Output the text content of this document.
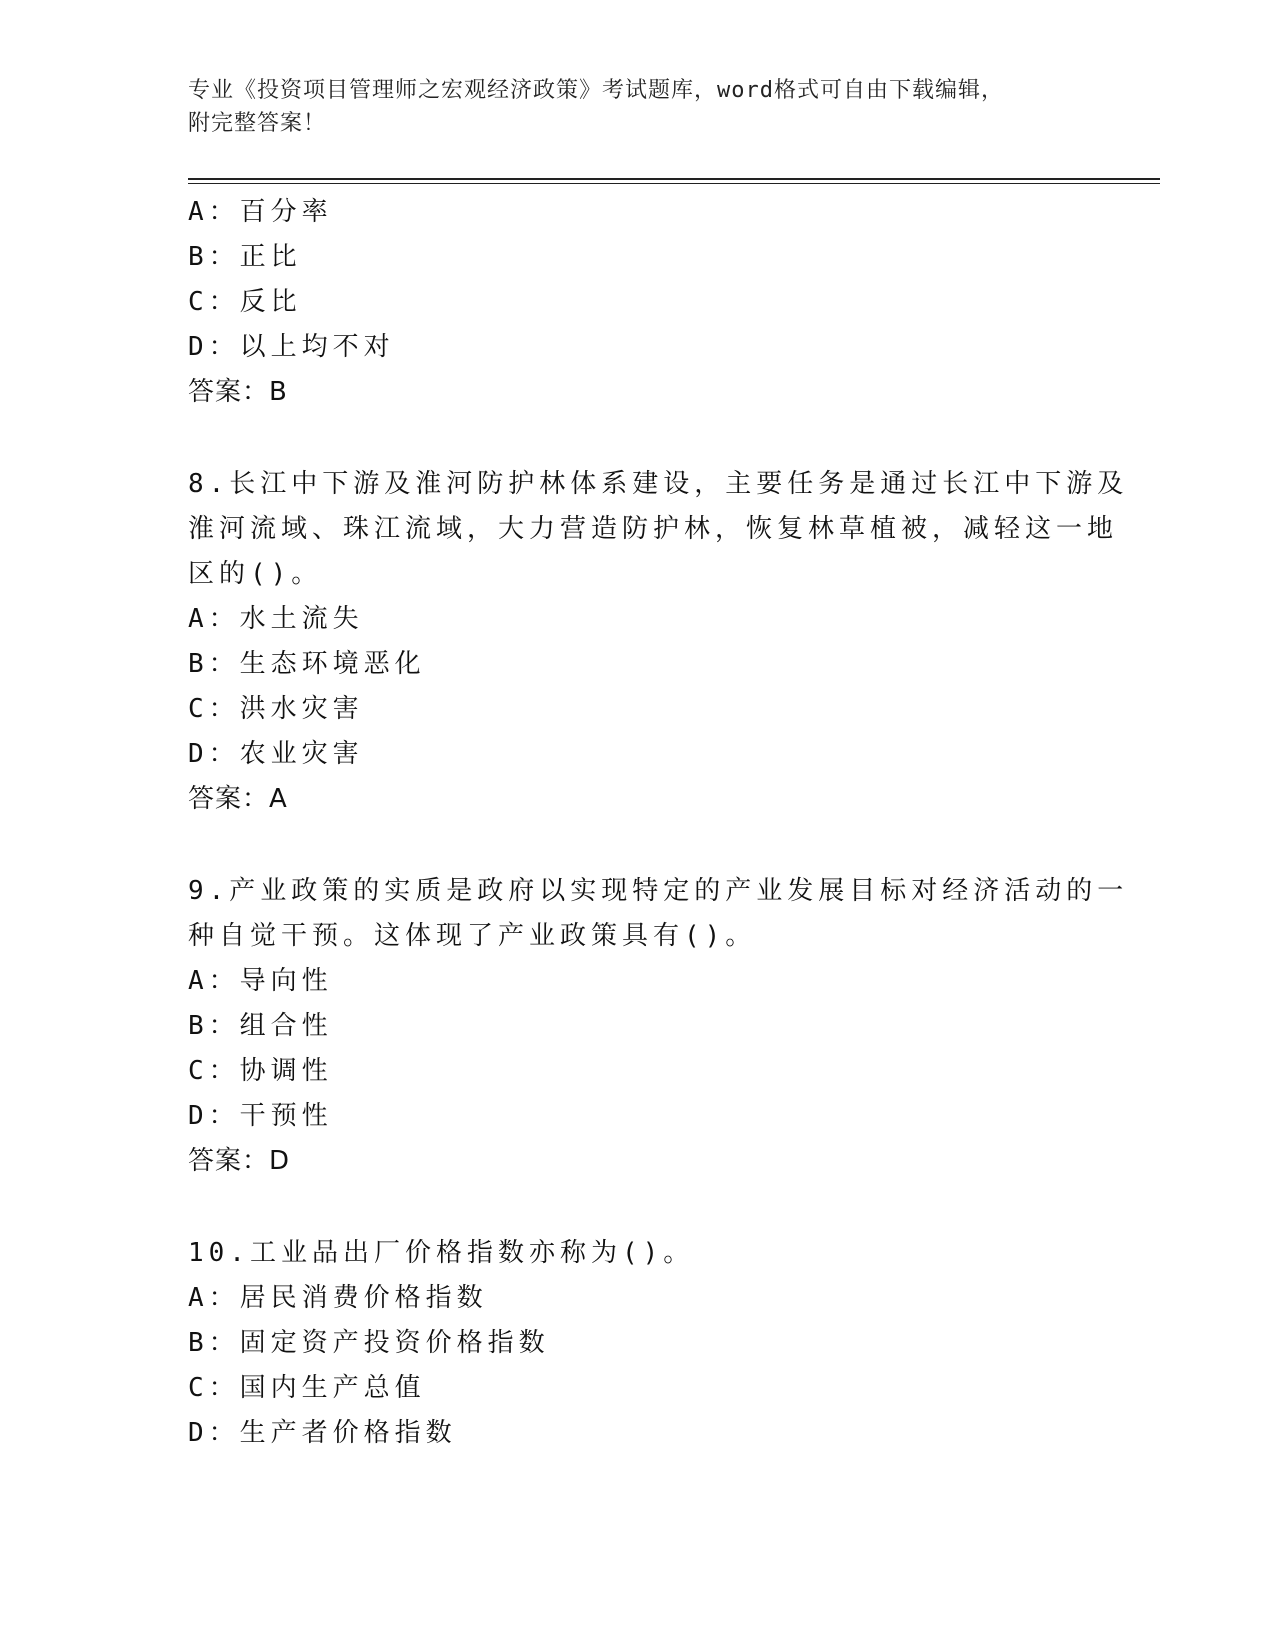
专业《投资项目管理师之宏观经济政策》考试题库，word格式可自由下载编辑，
附完整答案！
A：百分率
B：正比
C：反比
D：以上均不对
答案：B
8.长江中下游及淮河防护林体系建设，主要任务是通过长江中下游及
淮河流域、珠江流域，大力营造防护林，恢复林草植被，减轻这一地
区的()。
A：水土流失
B：生态环境恶化
C：洪水灾害
D：农业灾害
答案：A
9.产业政策的实质是政府以实现特定的产业发展目标对经济活动的一
种自觉干预。这体现了产业政策具有()。
A：导向性
B：组合性
C：协调性
D：干预性
答案：D
10.工业品出厂价格指数亦称为()。
A：居民消费价格指数
B：固定资产投资价格指数
C：国内生产总值
D：生产者价格指数
